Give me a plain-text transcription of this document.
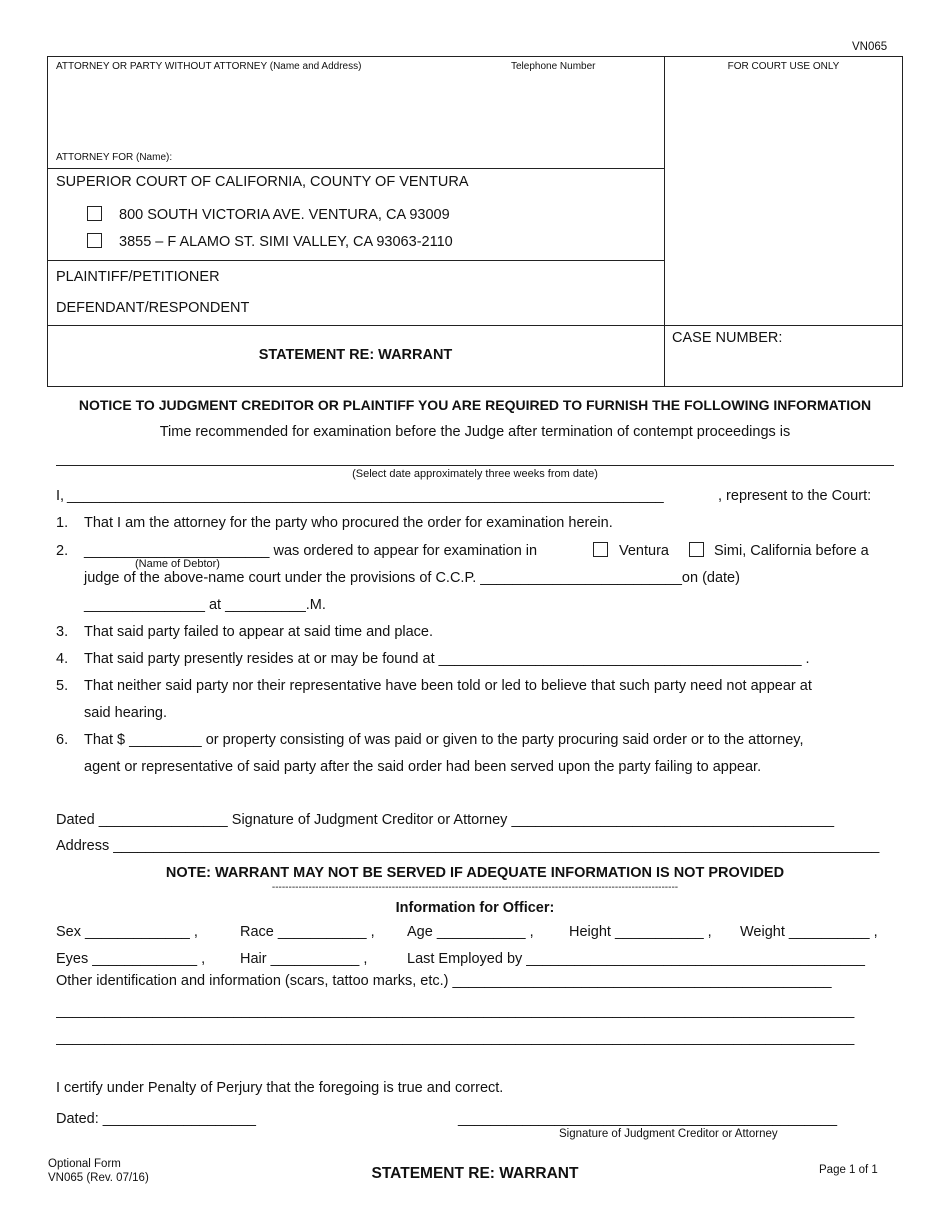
VN065
ATTORNEY OR PARTY WITHOUT ATTORNEY (Name and Address)	Telephone Number	FOR COURT USE ONLY
ATTORNEY FOR (Name):
SUPERIOR COURT OF CALIFORNIA, COUNTY OF VENTURA
800 SOUTH VICTORIA AVE. VENTURA, CA 93009
3855 – F ALAMO ST. SIMI VALLEY, CA 93063-2110
PLAINTIFF/PETITIONER
DEFENDANT/RESPONDENT
STATEMENT RE: WARRANT
CASE NUMBER:
NOTICE TO JUDGMENT CREDITOR OR PLAINTIFF YOU ARE REQUIRED TO FURNISH THE FOLLOWING INFORMATION
Time recommended for examination before the Judge after termination of contempt proceedings is
(Select date approximately three weeks from date)
I, __________________________________________________________________________	, represent to the Court:
1. That I am the attorney for the party who procured the order for examination herein.
2. _______________________ was ordered to appear for examination in
(Name of Debtor)
Ventura	Simi, California before a
judge of the above-name court under the provisions of C.C.P. _________________________on (date)
_______________ at __________.M.
3. That said party failed to appear at said time and place.
4. That said party presently resides at or may be found at _____________________________________________ .
5. That neither said party nor their representative have been told or led to believe that such party need not appear at
said hearing.
6. That $ _________ or property consisting of was paid or given to the party procuring said order or to the attorney,
agent or representative of said party after the said order had been served upon the party failing to appear.
Dated ________________ Signature of Judgment Creditor or Attorney ________________________________________
Address _______________________________________________________________________________________________
NOTE: WARRANT MAY NOT BE SERVED IF ADEQUATE INFORMATION IS NOT PROVIDED
--------------------------------------------------------------------------------------------------------------------------
Information for Officer:
Sex _____________ ,	Race ___________ , Age ___________ , Height ___________ , Weight __________ ,
Eyes _____________ , Hair ___________ ,	Last Employed by __________________________________________
Other identification and information (scars, tattoo marks, etc.) _______________________________________________
___________________________________________________________________________________________________
___________________________________________________________________________________________________
I certify under Penalty of Perjury that the foregoing is true and correct.
Dated: ___________________	_______________________________________________
Signature of Judgment Creditor or Attorney
Optional Form
VN065 (Rev. 07/16)	STATEMENT RE: WARRANT	Page 1 of 1
